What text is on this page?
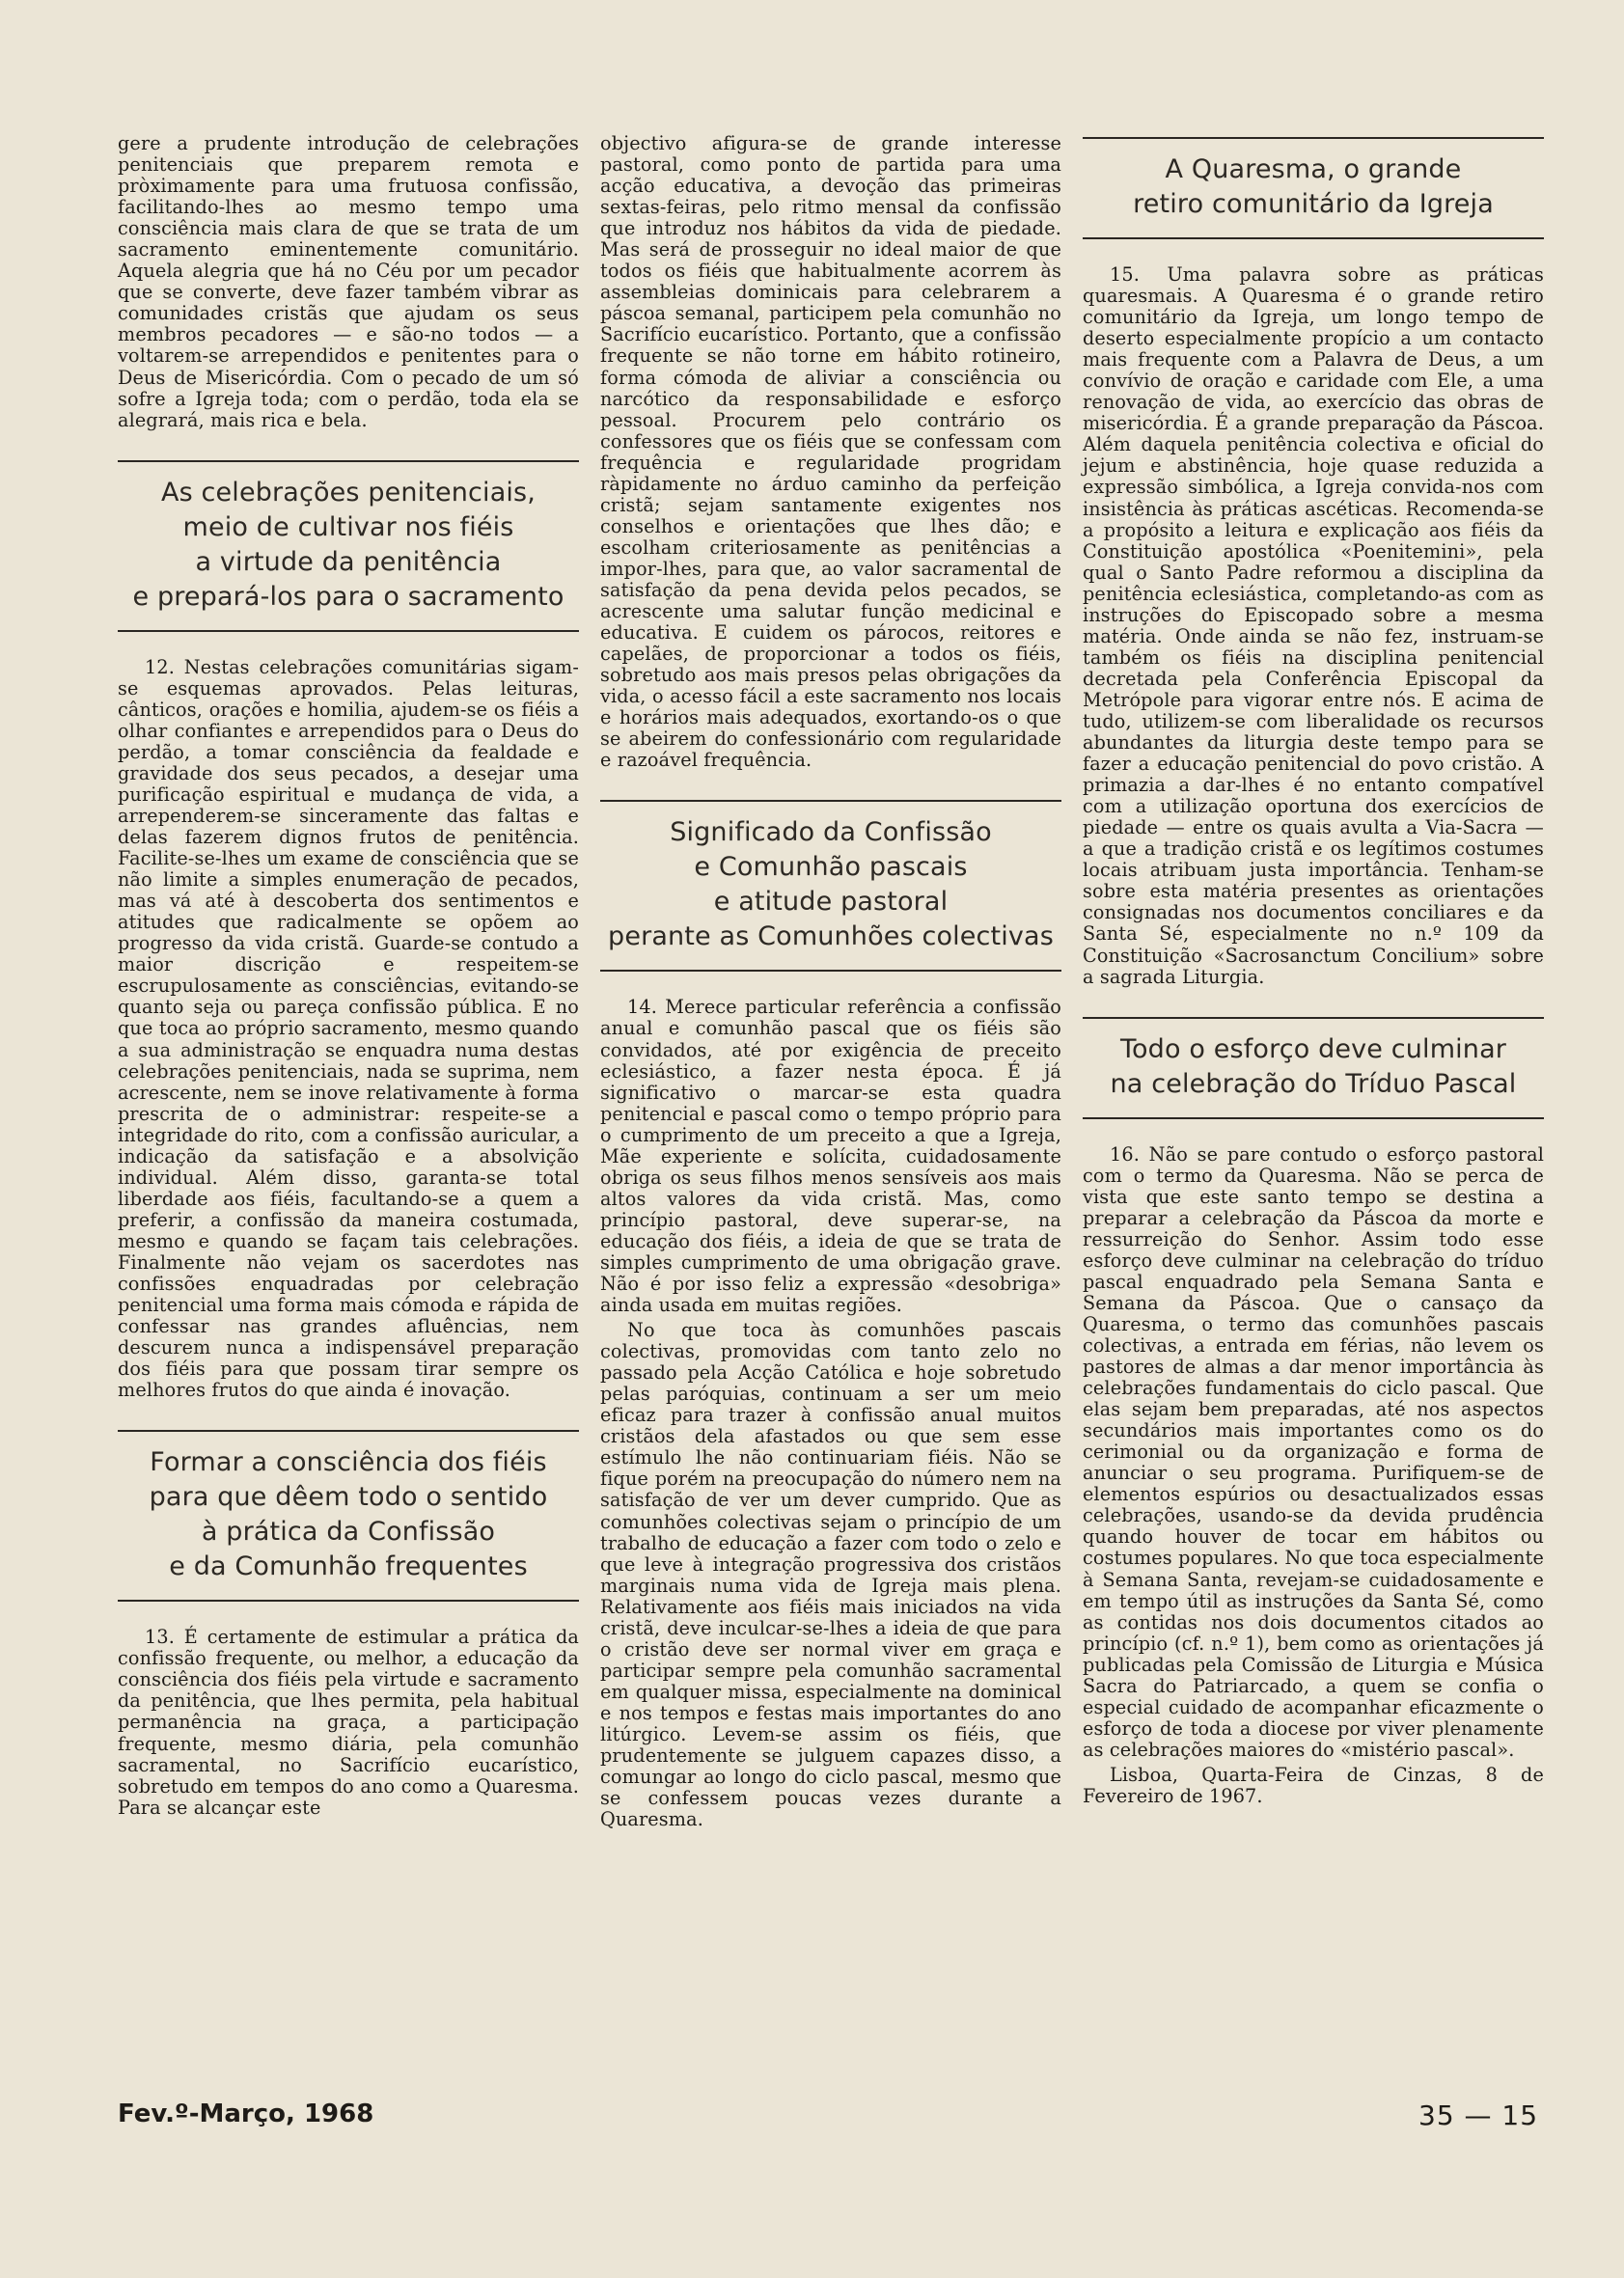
gere a prudente introdução de celebrações penitenciais que preparem remota e pròximamente para uma frutuosa confissão, facilitando-lhes ao mesmo tempo uma consciência mais clara de que se trata de um sacramento eminentemente comunitário. Aquela alegria que há no Céu por um pecador que se converte, deve fazer também vibrar as comunidades cristãs que ajudam os seus membros pecadores — e são-no todos — a voltarem-se arrependidos e penitentes para o Deus de Misericórdia. Com o pecado de um só sofre a Igreja toda; com o perdão, toda ela se alegrará, mais rica e bela.

As celebrações penitenciais,
meio de cultivar nos fiéis
a virtude da penitência
e prepará-los para o sacramento

12. Nestas celebrações comunitárias sigam-se esquemas aprovados. Pelas leituras, cânticos, orações e homilia, ajudem-se os fiéis a olhar confiantes e arrependidos para o Deus do perdão, a tomar consciência da fealdade e gravidade dos seus pecados, a desejar uma purificação espiritual e mudança de vida, a arrependerem-se sinceramente das faltas e delas fazerem dignos frutos de penitência. Facilite-se-lhes um exame de consciência que se não limite a simples enumeração de pecados, mas vá até à descoberta dos sentimentos e atitudes que radicalmente se opõem ao progresso da vida cristã. Guarde-se contudo a maior discrição e respeitem-se escrupulosamente as consciências, evitando-se quanto seja ou pareça confissão pública. E no que toca ao próprio sacramento, mesmo quando a sua administração se enquadra numa destas celebrações penitenciais, nada se suprima, nem acrescente, nem se inove relativamente à forma prescrita de o administrar: respeite-se a integridade do rito, com a confissão auricular, a indicação da satisfação e a absolvição individual. Além disso, garanta-se total liberdade aos fiéis, facultando-se a quem a preferir, a confissão da maneira costumada, mesmo e quando se façam tais celebrações. Finalmente não vejam os sacerdotes nas confissões enquadradas por celebração penitencial uma forma mais cómoda e rápida de confessar nas grandes afluências, nem descurem nunca a indispensável preparação dos fiéis para que possam tirar sempre os melhores frutos do que ainda é inovação.

Formar a consciência dos fiéis
para que dêem todo o sentido
à prática da Confissão
e da Comunhão frequentes

13. É certamente de estimular a prática da confissão frequente, ou melhor, a educação da consciência dos fiéis pela virtude e sacramento da penitência, que lhes permita, pela habitual permanência na graça, a participação frequente, mesmo diária, pela comunhão sacramental, no Sacrifício eucarístico, sobretudo em tempos do ano como a Quaresma. Para se alcançar este

objectivo afigura-se de grande interesse pastoral, como ponto de partida para uma acção educativa, a devoção das primeiras sextas-feiras, pelo ritmo mensal da confissão que introduz nos hábitos da vida de piedade. Mas será de prosseguir no ideal maior de que todos os fiéis que habitualmente acorrem às assembleias dominicais para celebrarem a páscoa semanal, participem pela comunhão no Sacrifício eucarístico. Portanto, que a confissão frequente se não torne em hábito rotineiro, forma cómoda de aliviar a consciência ou narcótico da responsabilidade e esforço pessoal. Procurem pelo contrário os confessores que os fiéis que se confessam com frequência e regularidade progridam ràpidamente no árduo caminho da perfeição cristã; sejam santamente exigentes nos conselhos e orientações que lhes dão; e escolham criteriosamente as penitências a impor-lhes, para que, ao valor sacramental de satisfação da pena devida pelos pecados, se acrescente uma salutar função medicinal e educativa. E cuidem os párocos, reitores e capelães, de proporcionar a todos os fiéis, sobretudo aos mais presos pelas obrigações da vida, o acesso fácil a este sacramento nos locais e horários mais adequados, exortando-os o que se abeirem do confessionário com regularidade e razoável frequência.

Significado da Confissão
e Comunhão pascais
e atitude pastoral
perante as Comunhões colectivas

14. Merece particular referência a confissão anual e comunhão pascal que os fiéis são convidados, até por exigência de preceito eclesiástico, a fazer nesta época. É já significativo o marcar-se esta quadra penitencial e pascal como o tempo próprio para o cumprimento de um preceito a que a Igreja, Mãe experiente e solícita, cuidadosamente obriga os seus filhos menos sensíveis aos mais altos valores da vida cristã. Mas, como princípio pastoral, deve superar-se, na educação dos fiéis, a ideia de que se trata de simples cumprimento de uma obrigação grave. Não é por isso feliz a expressão «desobriga» ainda usada em muitas regiões.

No que toca às comunhões pascais colectivas, promovidas com tanto zelo no passado pela Acção Católica e hoje sobretudo pelas paróquias, continuam a ser um meio eficaz para trazer à confissão anual muitos cristãos dela afastados ou que sem esse estímulo lhe não continuariam fiéis. Não se fique porém na preocupação do número nem na satisfação de ver um dever cumprido. Que as comunhões colectivas sejam o princípio de um trabalho de educação a fazer com todo o zelo e que leve à integração progressiva dos cristãos marginais numa vida de Igreja mais plena. Relativamente aos fiéis mais iniciados na vida cristã, deve inculcar-se-lhes a ideia de que para o cristão deve ser normal viver em graça e participar sempre pela comunhão sacramental em qualquer missa, especialmente na dominical e nos tempos e festas mais importantes do ano litúrgico. Levem-se assim os fiéis, que prudentemente se julguem capazes disso, a comungar ao longo do ciclo pascal, mesmo que se confessem poucas vezes durante a Quaresma.

A Quaresma, o grande
retiro comunitário da Igreja

15. Uma palavra sobre as práticas quaresmais. A Quaresma é o grande retiro comunitário da Igreja, um longo tempo de deserto especialmente propício a um contacto mais frequente com a Palavra de Deus, a um convívio de oração e caridade com Ele, a uma renovação de vida, ao exercício das obras de misericórdia. É a grande preparação da Páscoa. Além daquela penitência colectiva e oficial do jejum e abstinência, hoje quase reduzida a expressão simbólica, a Igreja convida-nos com insistência às práticas ascéticas. Recomenda-se a propósito a leitura e explicação aos fiéis da Constituição apostólica «Poenitemini», pela qual o Santo Padre reformou a disciplina da penitência eclesiástica, completando-as com as instruções do Episcopado sobre a mesma matéria. Onde ainda se não fez, instruam-se também os fiéis na disciplina penitencial decretada pela Conferência Episcopal da Metrópole para vigorar entre nós. E acima de tudo, utilizem-se com liberalidade os recursos abundantes da liturgia deste tempo para se fazer a educação penitencial do povo cristão. A primazia a dar-lhes é no entanto compatível com a utilização oportuna dos exercícios de piedade — entre os quais avulta a Via-Sacra — a que a tradição cristã e os legítimos costumes locais atribuam justa importância. Tenham-se sobre esta matéria presentes as orientações consignadas nos documentos conciliares e da Santa Sé, especialmente no n.º 109 da Constituição «Sacrosanctum Concilium» sobre a sagrada Liturgia.

Todo o esforço deve culminar
na celebração do Tríduo Pascal

16. Não se pare contudo o esforço pastoral com o termo da Quaresma. Não se perca de vista que este santo tempo se destina a preparar a celebração da Páscoa da morte e ressurreição do Senhor. Assim todo esse esforço deve culminar na celebração do tríduo pascal enquadrado pela Semana Santa e Semana da Páscoa. Que o cansaço da Quaresma, o termo das comunhões pascais colectivas, a entrada em férias, não levem os pastores de almas a dar menor importância às celebrações fundamentais do ciclo pascal. Que elas sejam bem preparadas, até nos aspectos secundários mais importantes como os do cerimonial ou da organização e forma de anunciar o seu programa. Purifiquem-se de elementos espúrios ou desactualizados essas celebrações, usando-se da devida prudência quando houver de tocar em hábitos ou costumes populares. No que toca especialmente à Semana Santa, revejam-se cuidadosamente e em tempo útil as instruções da Santa Sé, como as contidas nos dois documentos citados ao princípio (cf. n.º 1), bem como as orientações já publicadas pela Comissão de Liturgia e Música Sacra do Patriarcado, a quem se confia o especial cuidado de acompanhar eficazmente o esforço de toda a diocese por viver plenamente as celebrações maiores do «mistério pascal».

Lisboa, Quarta-Feira de Cinzas, 8 de Fevereiro de 1967.

Fev.º-Março, 1968	35 — 15
